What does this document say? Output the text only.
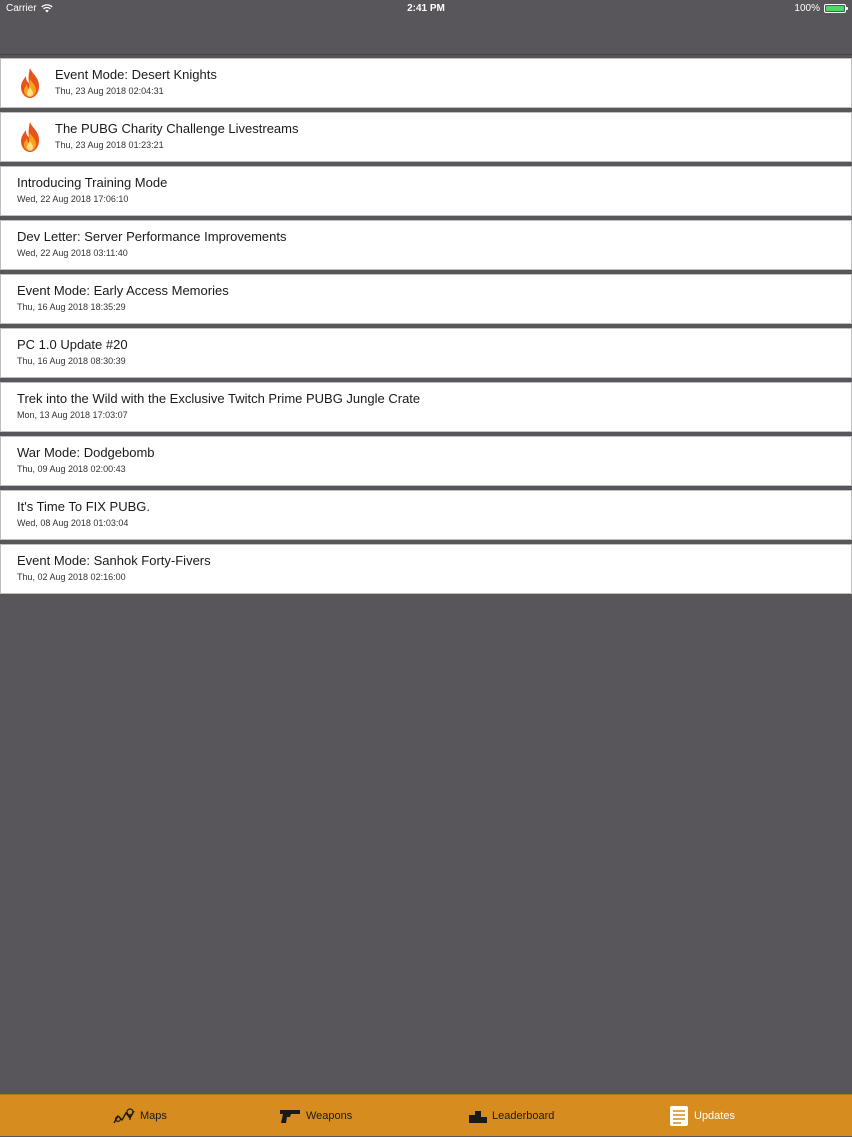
Carrier	2:41 PM	100%
Event Mode: Desert Knights
Thu, 23 Aug 2018 02:04:31
The PUBG Charity Challenge Livestreams
Thu, 23 Aug 2018 01:23:21
Introducing Training Mode
Wed, 22 Aug 2018 17:06:10
Dev Letter: Server Performance Improvements
Wed, 22 Aug 2018 03:11:40
Event Mode: Early Access Memories
Thu, 16 Aug 2018 18:35:29
PC 1.0 Update #20
Thu, 16 Aug 2018 08:30:39
Trek into the Wild with the Exclusive Twitch Prime PUBG Jungle Crate
Mon, 13 Aug 2018 17:03:07
War Mode: Dodgebomb
Thu, 09 Aug 2018 02:00:43
It's Time To FIX PUBG.
Wed, 08 Aug 2018 01:03:04
Event Mode: Sanhok Forty-Fivers
Thu, 02 Aug 2018 02:16:00
Maps	Weapons	Leaderboard	Updates
